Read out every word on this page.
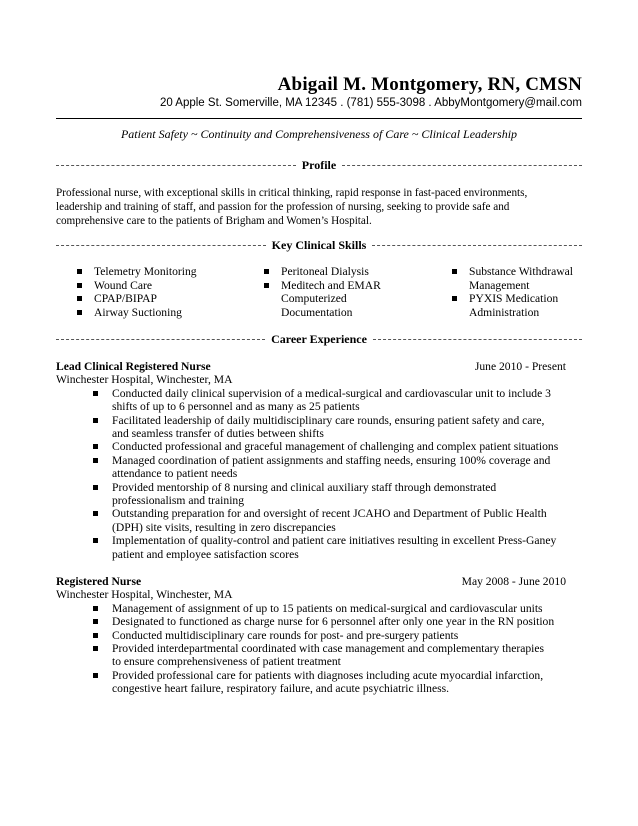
Abigail M. Montgomery, RN, CMSN
20 Apple St. Somerville, MA 12345 . (781) 555-3098 . AbbyMontgomery@mail.com
Patient Safety ~ Continuity and Comprehensiveness of Care ~ Clinical Leadership
Profile
Professional nurse, with exceptional skills in critical thinking, rapid response in fast-paced environments,
leadership and training of staff, and passion for the profession of nursing, seeking to provide safe and
comprehensive care to the patients of Brigham and Women’s Hospital.
Key Clinical Skills
Telemetry Monitoring
Wound Care
CPAP/BIPAP
Airway Suctioning
Peritoneal Dialysis
Meditech and EMAR
Computerized
Documentation
Substance Withdrawal
Management
PYXIS Medication
Administration
Career Experience
Lead Clinical Registered Nurse	June 2010 - Present
Winchester Hospital, Winchester, MA
Conducted daily clinical supervision of a medical-surgical and cardiovascular unit to include 3
shifts of up to 6 personnel and as many as 25 patients
Facilitated leadership of daily multidisciplinary care rounds, ensuring patient safety and care,
and seamless transfer of duties between shifts
Conducted professional and graceful management of challenging and complex patient situations
Managed coordination of patient assignments and staffing needs, ensuring 100% coverage and
attendance to patient needs
Provided mentorship of 8 nursing and clinical auxiliary staff through demonstrated
professionalism and training
Outstanding preparation for and oversight of recent JCAHO and Department of Public Health
(DPH) site visits, resulting in zero discrepancies
Implementation of quality-control and patient care initiatives resulting in excellent Press-Ganey
patient and employee satisfaction scores
Registered Nurse	May 2008 - June 2010
Winchester Hospital, Winchester, MA
Management of assignment of up to 15 patients on medical-surgical and cardiovascular units
Designated to functioned as charge nurse for 6 personnel after only one year in the RN position
Conducted multidisciplinary care rounds for post- and pre-surgery patients
Provided interdepartmental coordinated with case management and complementary therapies
to ensure comprehensiveness of patient treatment
Provided professional care for patients with diagnoses including acute myocardial infarction,
congestive heart failure, respiratory failure, and acute psychiatric illness.
